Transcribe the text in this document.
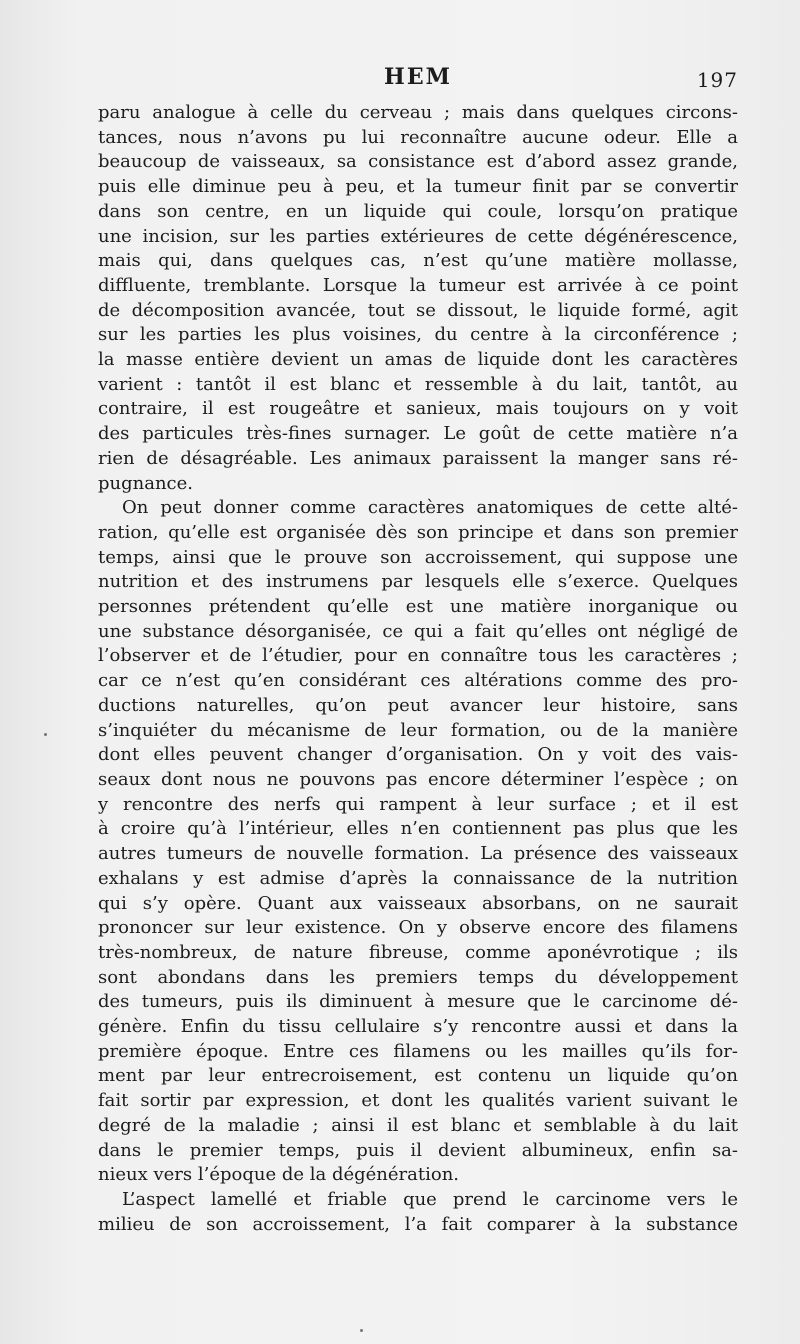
HEM	197
paru analogue à celle du cerveau ; mais dans quelques circons-
tances, nous n’avons pu lui reconnaître aucune odeur. Elle a
beaucoup de vaisseaux, sa consistance est d’abord assez grande,
puis elle diminue peu à peu, et la tumeur finit par se convertir
dans son centre, en un liquide qui coule, lorsqu’on pratique
une incision, sur les parties extérieures de cette dégénérescence,
mais qui, dans quelques cas, n’est qu’une matière mollasse,
diffluente, tremblante. Lorsque la tumeur est arrivée à ce point
de décomposition avancée, tout se dissout, le liquide formé, agit
sur les parties les plus voisines, du centre à la circonférence ;
la masse entière devient un amas de liquide dont les caractères
varient : tantôt il est blanc et ressemble à du lait, tantôt, au
contraire, il est rougeâtre et sanieux, mais toujours on y voit
des particules très-fines surnager. Le goût de cette matière n’a
rien de désagréable. Les animaux paraissent la manger sans ré-
pugnance.
On peut donner comme caractères anatomiques de cette alté-
ration, qu’elle est organisée dès son principe et dans son premier
temps, ainsi que le prouve son accroissement, qui suppose une
nutrition et des instrumens par lesquels elle s’exerce. Quelques
personnes prétendent qu’elle est une matière inorganique ou
une substance désorganisée, ce qui a fait qu’elles ont négligé de
l’observer et de l’étudier, pour en connaître tous les caractères ;
car ce n’est qu’en considérant ces altérations comme des pro-
ductions naturelles, qu’on peut avancer leur histoire, sans
s’inquiéter du mécanisme de leur formation, ou de la manière
dont elles peuvent changer d’organisation. On y voit des vais-
seaux dont nous ne pouvons pas encore déterminer l’espèce ; on
y rencontre des nerfs qui rampent à leur surface ; et il est
à croire qu’à l’intérieur, elles n’en contiennent pas plus que les
autres tumeurs de nouvelle formation. La présence des vaisseaux
exhalans y est admise d’après la connaissance de la nutrition
qui s’y opère. Quant aux vaisseaux absorbans, on ne saurait
prononcer sur leur existence. On y observe encore des filamens
très-nombreux, de nature fibreuse, comme aponévrotique ; ils
sont abondans dans les premiers temps du développement
des tumeurs, puis ils diminuent à mesure que le carcinome dé-
génère. Enfin du tissu cellulaire s’y rencontre aussi et dans la
première époque. Entre ces filamens ou les mailles qu’ils for-
ment par leur entrecroisement, est contenu un liquide qu’on
fait sortir par expression, et dont les qualités varient suivant le
degré de la maladie ; ainsi il est blanc et semblable à du lait
dans le premier temps, puis il devient albumineux, enfin sa-
nieux vers l’époque de la dégénération.
L’aspect lamellé et friable que prend le carcinome vers le
milieu de son accroissement, l’a fait comparer à la substance
